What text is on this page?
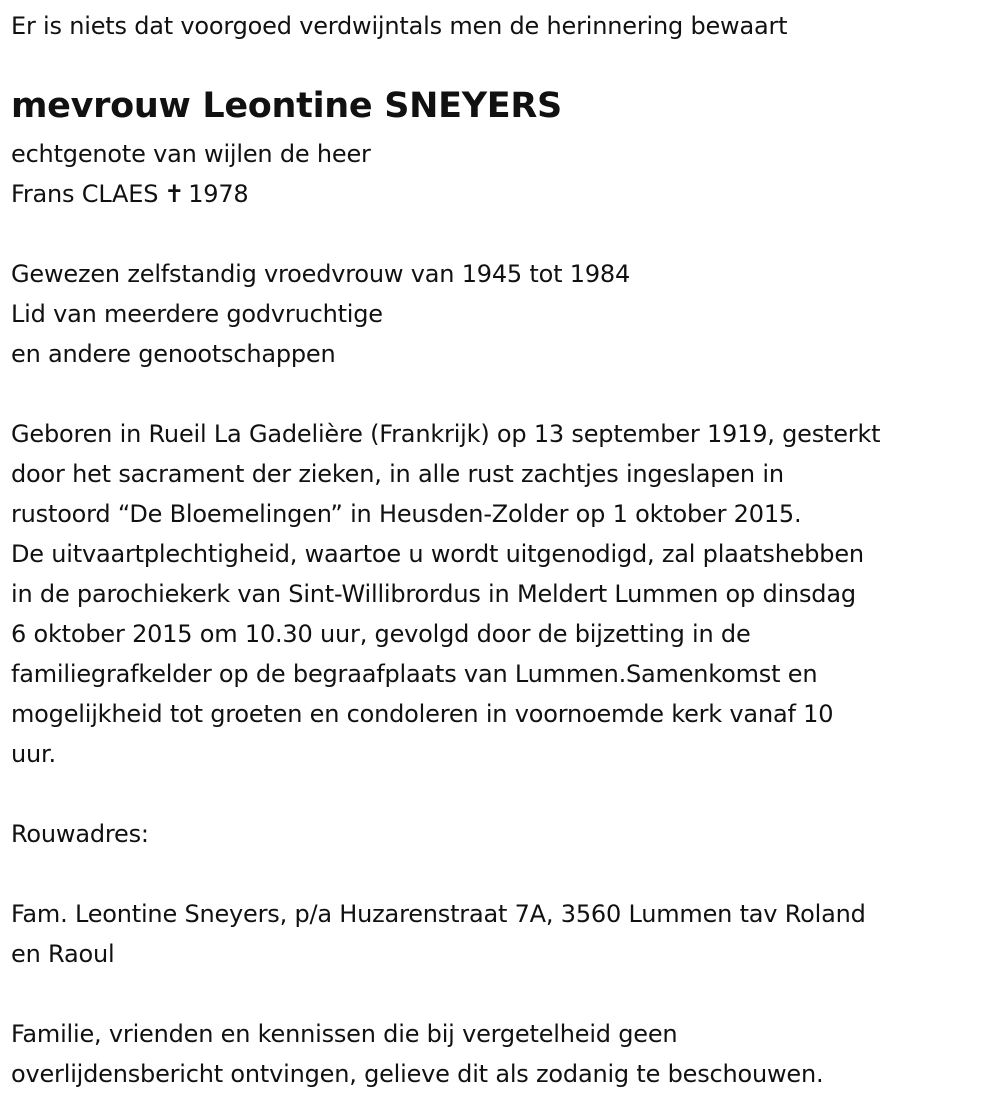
Er is niets dat voorgoed verdwijntals men de herinnering bewaart
mevrouw Leontine SNEYERS
echtgenote van wijlen de heer
Frans CLAES ✝ 1978
Gewezen zelfstandig vroedvrouw van 1945 tot 1984
Lid van meerdere godvruchtige
en andere genootschappen
Geboren in Rueil La Gadelière (Frankrijk) op 13 september 1919, gesterkt
door het sacrament der zieken, in alle rust zachtjes ingeslapen in
rustoord “De Bloemelingen” in Heusden-Zolder op 1 oktober 2015.
De uitvaartplechtigheid, waartoe u wordt uitgenodigd, zal plaatshebben
in de parochiekerk van Sint-Willibrordus in Meldert Lummen op dinsdag
6 oktober 2015 om 10.30 uur, gevolgd door de bijzetting in de
familiegrafkelder op de begraafplaats van Lummen.Samenkomst en
mogelijkheid tot groeten en condoleren in voornoemde kerk vanaf 10
uur.
Rouwadres:
Fam. Leontine Sneyers, p/a Huzarenstraat 7A, 3560 Lummen tav Roland
en Raoul
Familie, vrienden en kennissen die bij vergetelheid geen
overlijdensbericht ontvingen, gelieve dit als zodanig te beschouwen.
